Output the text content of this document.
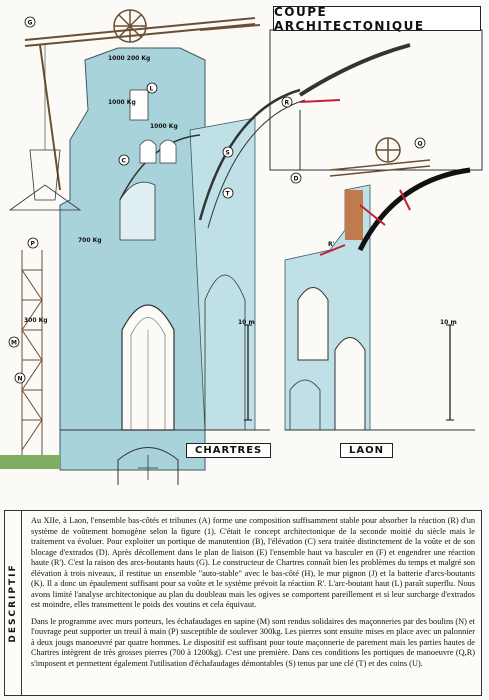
1000 200 Kg
1000 Kg
1000 Kg
700 Kg
300 Kg	10 m	10 m
G
L
P
M
N
C
S
T
D
R
R'
Q
COUPE ARCHITECTONIQUE
CHARTRES	LAON
DESCRIPTIF

Au XIIe, à Laon, l'ensemble bas-côtés et tribunes (A) forme une composition suffisamment stable pour absorber la réaction (R) d'un système de voûtement homogène selon la figure (1). C'était le concept architectonique de la seconde moitié du siècle mais le traitement va évoluer. Pour exploiter un portique de manutention (B), l'élévation (C) sera traitée distinctement de la voûte et de son blocage d'extrados (D). Après décollement dans le plan de liaison (E) l'ensemble haut va basculer en (F) et engendrer une réaction haute (R'). C'est la raison des arcs-boutants hauts (G). Le constructeur de Chartres connaît bien les problèmes du temps et malgré son élévation à trois niveaux, il restitue un ensemble "auto-stable" avec le bas-côté (H), le mur pignon (J) et la batterie d'arcs-boutants (K). Il a donc un épaulement suffisant pour sa voûte et le système prévoit la réaction R'. L'arc-boutant haut (L) paraît superflu. Nous avons limité l'analyse architectonique au plan du doubleau mais les ogives se comportent pareillement et si leur surcharge d'extrados est moindre, elles transmettent le poids des voutins et cela équivaut.

Dans le programme avec murs porteurs, les échafaudages en sapine (M) sont rendus solidaires des maçonneries par des boulins (N) et l'ouvrage peut supporter un treuil à main (P) susceptible de soulever 300kg. Les pierres sont ensuite mises en place avec un palonnier à deux jougs manoeuvré par quatre hommes. Le dispositif est suffisant pour toute maçonnerie de parement mais les parties hautes de Chartres intègrent de très grosses pierres (700 à 1200kg). C'est une première. Dans ces conditions les portiques de manoeuvre (Q,R) s'imposent et permettent également l'utilisation d'échafaudages démontables (S) tenus par une clé (T) et des coins (U).
